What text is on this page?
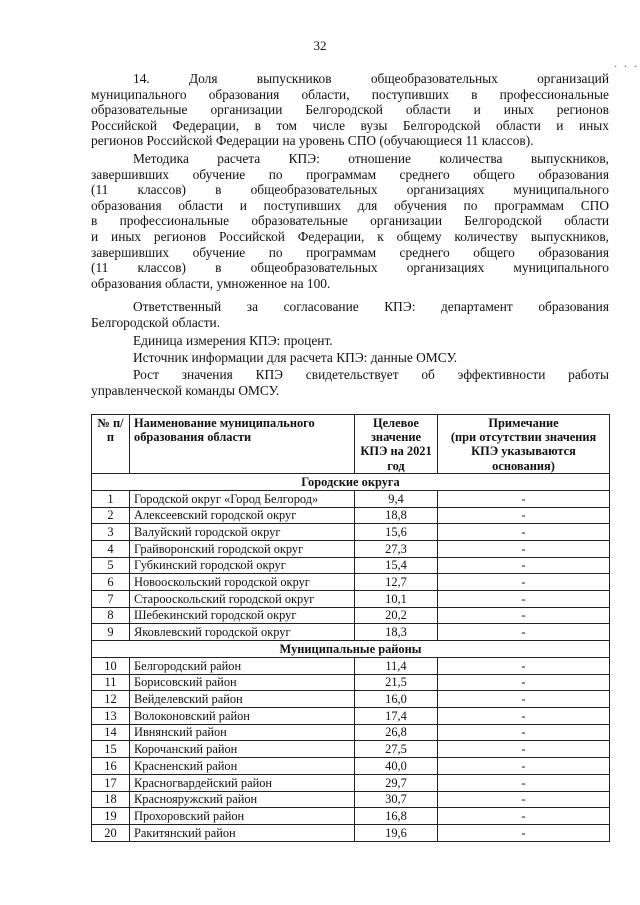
32
· · ·
14. Доля выпускников общеобразовательных организаций
муниципального образования области, поступивших в профессиональные
образовательные организации Белгородской области и иных регионов
Российской Федерации, в том числе вузы Белгородской области и иных
регионов Российской Федерации на уровень СПО (обучающиеся 11 классов).
Методика расчета КПЭ: отношение количества выпускников,
завершивших обучение по программам среднего общего образования
(11 классов) в общеобразовательных организациях муниципального
образования области и поступивших для обучения по программам СПО
в профессиональные образовательные организации Белгородской области
и иных регионов Российской Федерации, к общему количеству выпускников,
завершивших обучение по программам среднего общего образования
(11 классов) в общеобразовательных организациях муниципального
образования области, умноженное на 100.
Ответственный за согласование КПЭ: департамент образования
Белгородской области.
Единица измерения КПЭ: процент.
Источник информации для расчета КПЭ: данные ОМСУ.
Рост значения КПЭ свидетельствует об эффективности работы
управленческой команды ОМСУ.
№ п/п	Наименование муниципального образования области	Целевое значение КПЭ на 2021 год	Примечание
(при отсутствии значения КПЭ указываются основания)

Городские округа			
1	Городской округ «Город Белгород»	9,4	-
2	Алексеевский городской округ	18,8	-
3	Валуйский городской округ	15,6	-
4	Грайворонский городской округ	27,3	-
5	Губкинский городской округ	15,4	-
6	Новооскольский городской округ	12,7	-
7	Старооскольский городской округ	10,1	-
8	Шебекинский городской округ	20,2	-
9	Яковлевский городской округ	18,3	-
Муниципальные районы			
10	Белгородский район	11,4	-
11	Борисовский район	21,5	-
12	Вейделевский район	16,0	-
13	Волоконовский район	17,4	-
14	Ивнянский район	26,8	-
15	Корочанский район	27,5	-
16	Красненский район	40,0	-
17	Красногвардейский район	29,7	-
18	Краснояружский район	30,7	-
19	Прохоровский район	16,8	-
20	Ракитянский район	19,6	-
